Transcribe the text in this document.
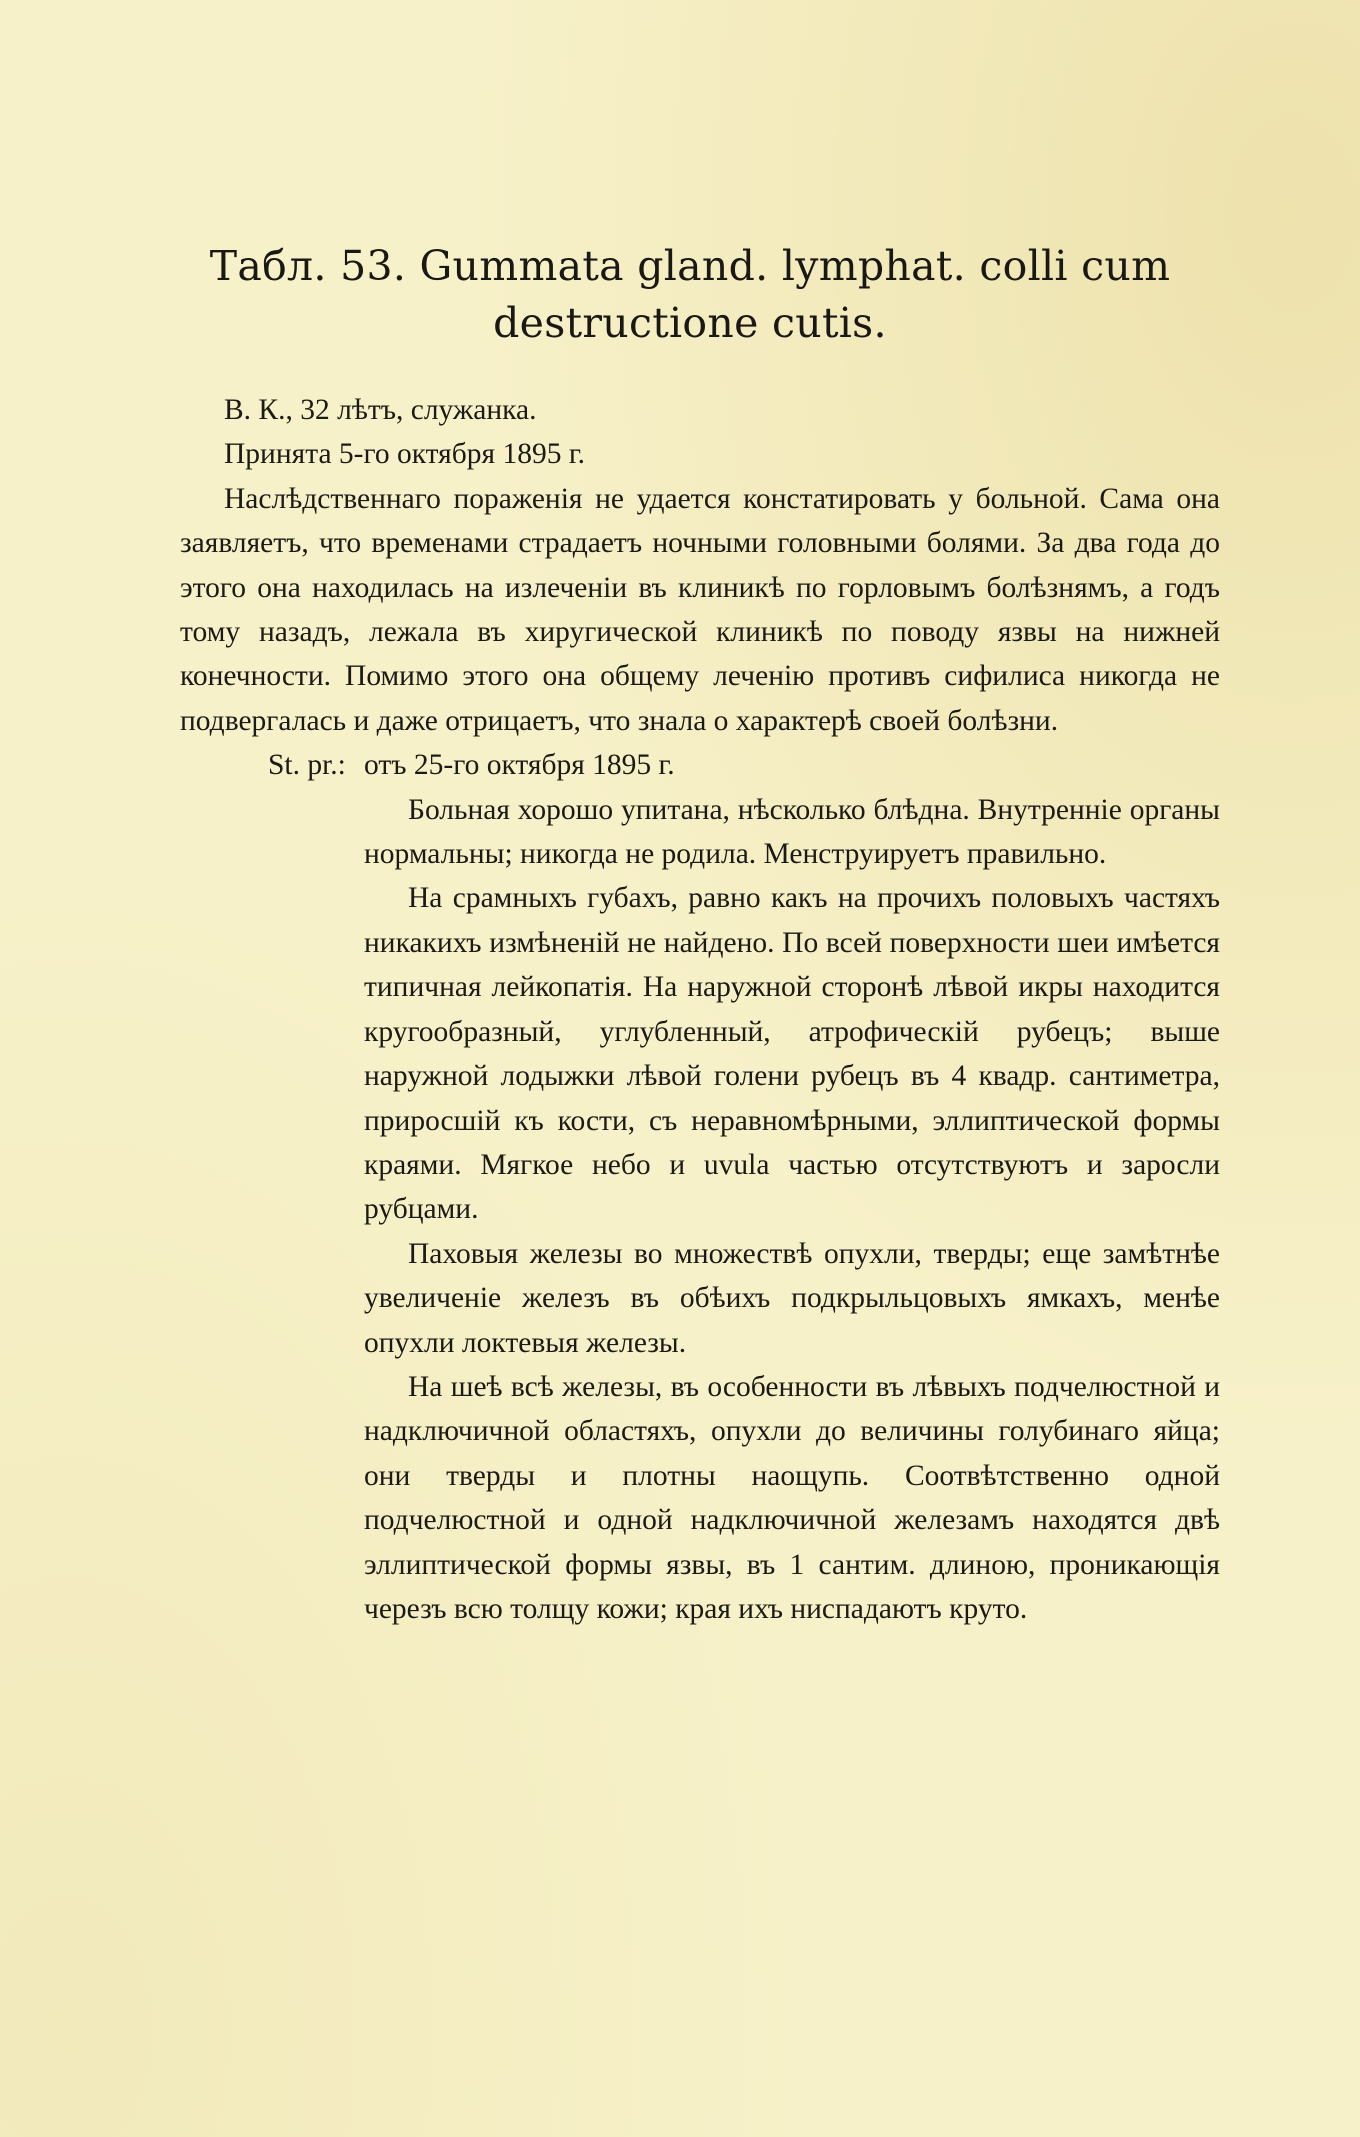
Табл. 53. Gummata gland. lymphat. colli cum
destructione cutis.

В. К., 32 лѣтъ, служанка.

Принята 5-го октября 1895 г.

Наслѣдственнаго пораженія не удается констатировать у больной. Сама она заявляетъ, что временами страдаетъ ночными головными болями. За два года до этого она находилась на излеченіи въ клиникѣ по горловымъ болѣзнямъ, а годъ тому назадъ, лежала въ хиругической клиникѣ по поводу язвы на нижней конечности. Помимо этого она общему леченію противъ сифилиса никогда не подвергалась и даже отрицаетъ, что знала о характерѣ своей болѣзни.

St. pr.: отъ 25-го октября 1895 г.

Больная хорошо упитана, нѣсколько блѣдна. Внутренніе органы нормальны; никогда не родила. Менструируетъ правильно.

На срамныхъ губахъ, равно какъ на прочихъ половыхъ частяхъ никакихъ измѣненій не найдено. По всей поверхности шеи имѣется типичная лейкопатія. На наружной сторонѣ лѣвой икры находится кругообразный, углубленный, атрофическій рубецъ; выше наружной лодыжки лѣвой голени рубецъ въ 4 квадр. сантиметра, приросшій къ кости, съ неравномѣрными, эллиптической формы краями. Мягкое небо и uvula частью отсутствуютъ и заросли рубцами.

Паховыя железы во множествѣ опухли, тверды; еще замѣтнѣе увеличеніе железъ въ обѣихъ подкрыльцовыхъ ямкахъ, менѣе опухли локтевыя железы.

На шеѣ всѣ железы, въ особенности въ лѣвыхъ подчелюстной и надключичной областяхъ, опухли до величины голубинаго яйца; они тверды и плотны наощупь. Соотвѣтственно одной подчелюстной и одной надключичной железамъ находятся двѣ эллиптической формы язвы, въ 1 сантим. длиною, проникающія черезъ всю толщу кожи; края ихъ ниспадаютъ круто.
